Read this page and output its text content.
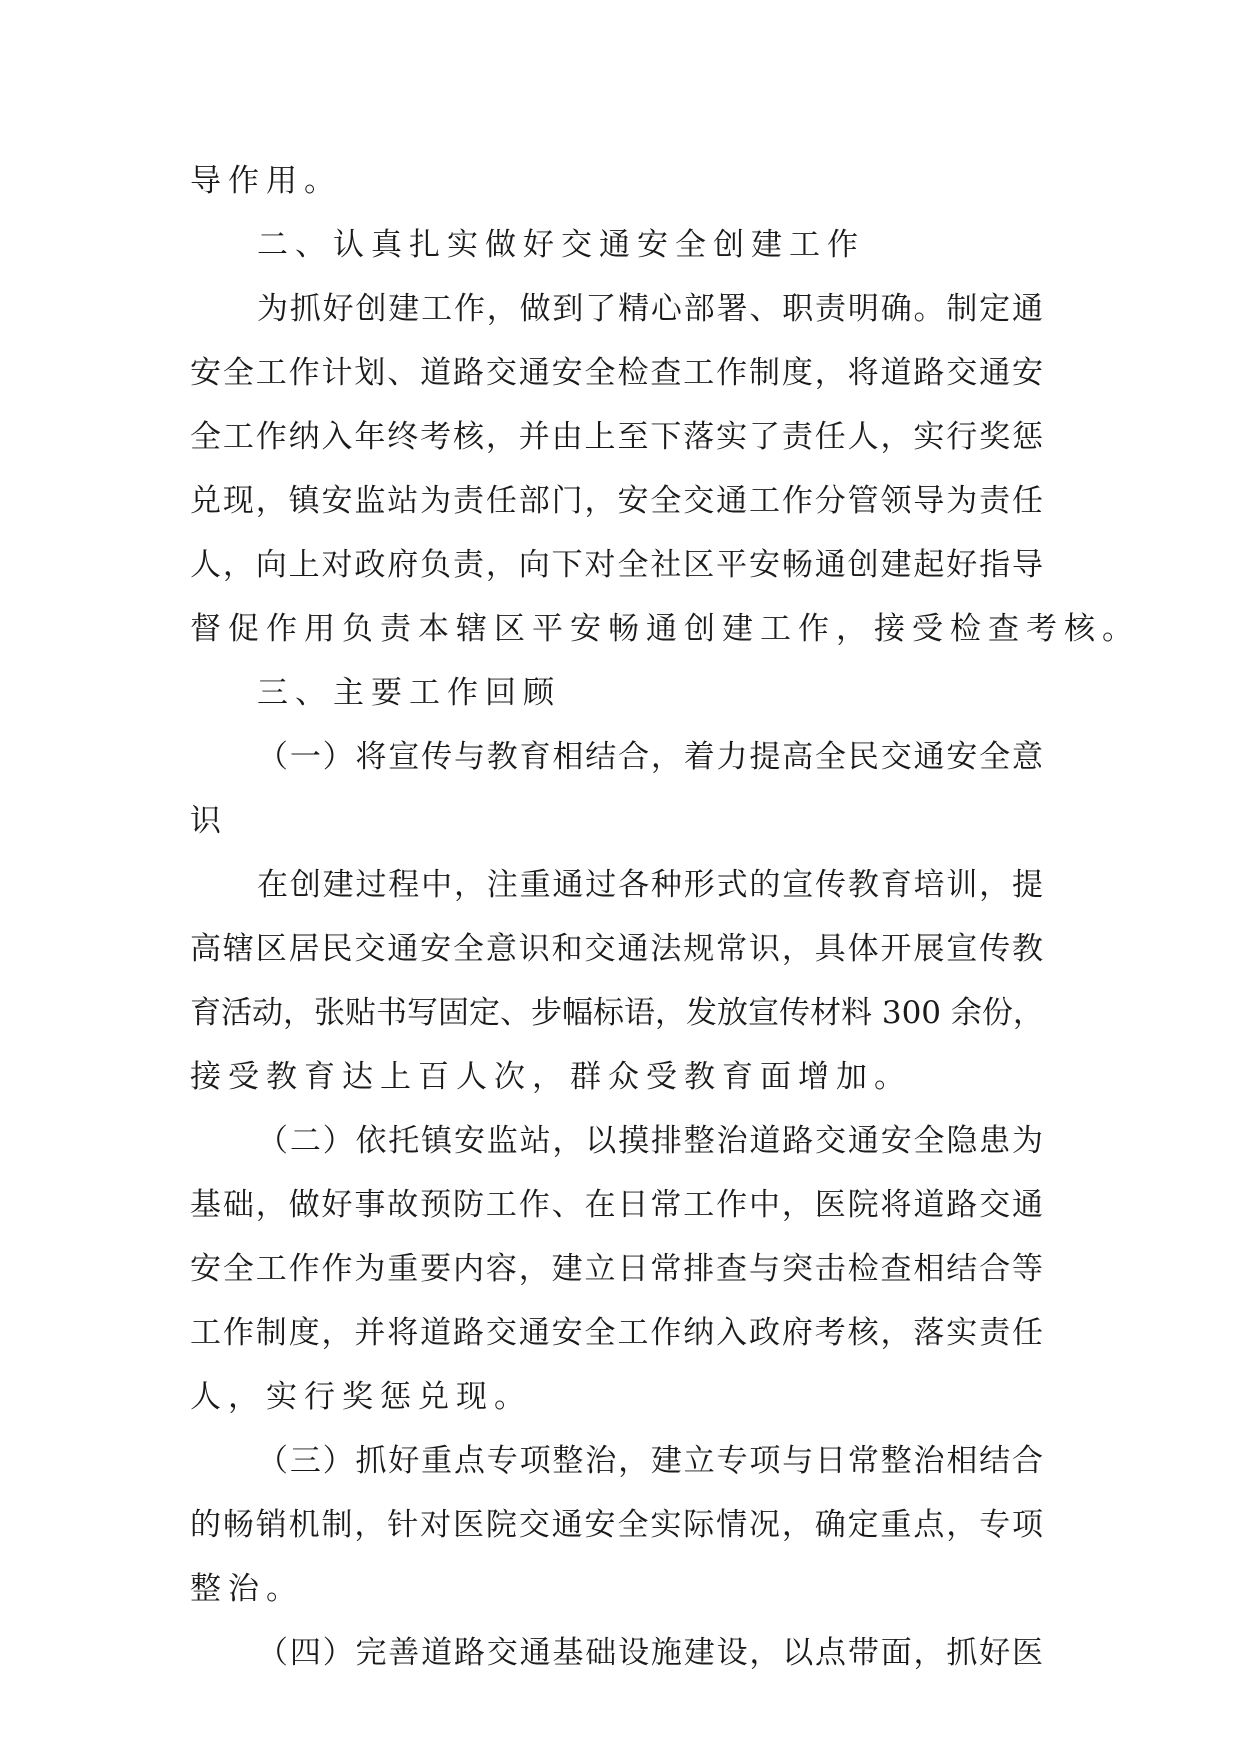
导作用。
二、认真扎实做好交通安全创建工作
为抓好创建工作，做到了精心部署、职责明确。制定通
安全工作计划、道路交通安全检查工作制度，将道路交通安
全工作纳入年终考核，并由上至下落实了责任人，实行奖惩
兑现，镇安监站为责任部门，安全交通工作分管领导为责任
人，向上对政府负责，向下对全社区平安畅通创建起好指导
督促作用负责本辖区平安畅通创建工作，接受检查考核。
三、主要工作回顾
（一）将宣传与教育相结合，着力提高全民交通安全意
识
在创建过程中，注重通过各种形式的宣传教育培训，提
高辖区居民交通安全意识和交通法规常识，具体开展宣传教
育活动，张贴书写固定、步幅标语，发放宣传材料 300 余份，
接受教育达上百人次，群众受教育面增加。
（二）依托镇安监站，以摸排整治道路交通安全隐患为
基础，做好事故预防工作、在日常工作中，医院将道路交通
安全工作作为重要内容，建立日常排查与突击检查相结合等
工作制度，并将道路交通安全工作纳入政府考核，落实责任
人，实行奖惩兑现。
（三）抓好重点专项整治，建立专项与日常整治相结合
的畅销机制，针对医院交通安全实际情况，确定重点，专项
整治。
（四）完善道路交通基础设施建设，以点带面，抓好医
